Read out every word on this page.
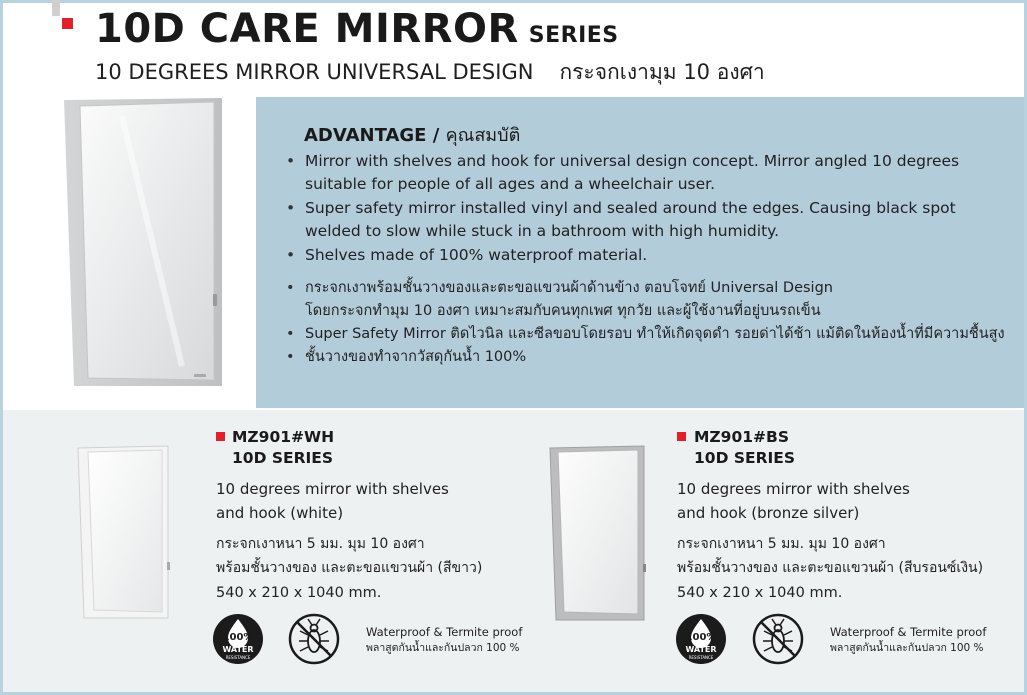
10D CARE MIRROR SERIES
10 DEGREES MIRROR UNIVERSAL DESIGN กระจกเงามุม 10 องศา
ADVANTAGE / คุณสมบัติ
• Mirror with shelves and hook for universal design concept. Mirror angled 10 degrees suitable for people of all ages and a wheelchair user.
• Super safety mirror installed vinyl and sealed around the edges. Causing black spot welded to slow while stuck in a bathroom with high humidity.
• Shelves made of 100% waterproof material.
• กระจกเงาพร้อมชั้นวางของและตะขอแขวนผ้าด้านข้าง ตอบโจทย์ Universal Design
โดยกระจกทำมุม 10 องศา เหมาะสมกับคนทุกเพศ ทุกวัย และผู้ใช้งานที่อยู่บนรถเข็น
• Super Safety Mirror ติดไวนิล และซีลขอบโดยรอบ ทำให้เกิดจุดดำ รอยด่าได้ช้า แม้ติดในห้องน้ำที่มีความชื้นสูง
• ชั้นวางของทำจากวัสดุกันน้ำ 100%
MZ901#WH
10D SERIES
10 degrees mirror with shelves
and hook (white)
กระจกเงาหนา 5 มม. มุม 10 องศา
พร้อมชั้นวางของ และตะขอแขวนผ้า (สีขาว)
540 x 210 x 1040 mm.
100%
WATER
RESISTANCE
Waterproof & Termite proof
พลาสูตกันน้ำและกันปลวก 100 %
MZ901#BS
10D SERIES
10 degrees mirror with shelves
and hook (bronze silver)
กระจกเงาหนา 5 มม. มุม 10 องศา
พร้อมชั้นวางของ และตะขอแขวนผ้า (สีบรอนซ์เงิน)
540 x 210 x 1040 mm.
100%
WATER
RESISTANCE
Waterproof & Termite proof
พลาสูตกันน้ำและกันปลวก 100 %
